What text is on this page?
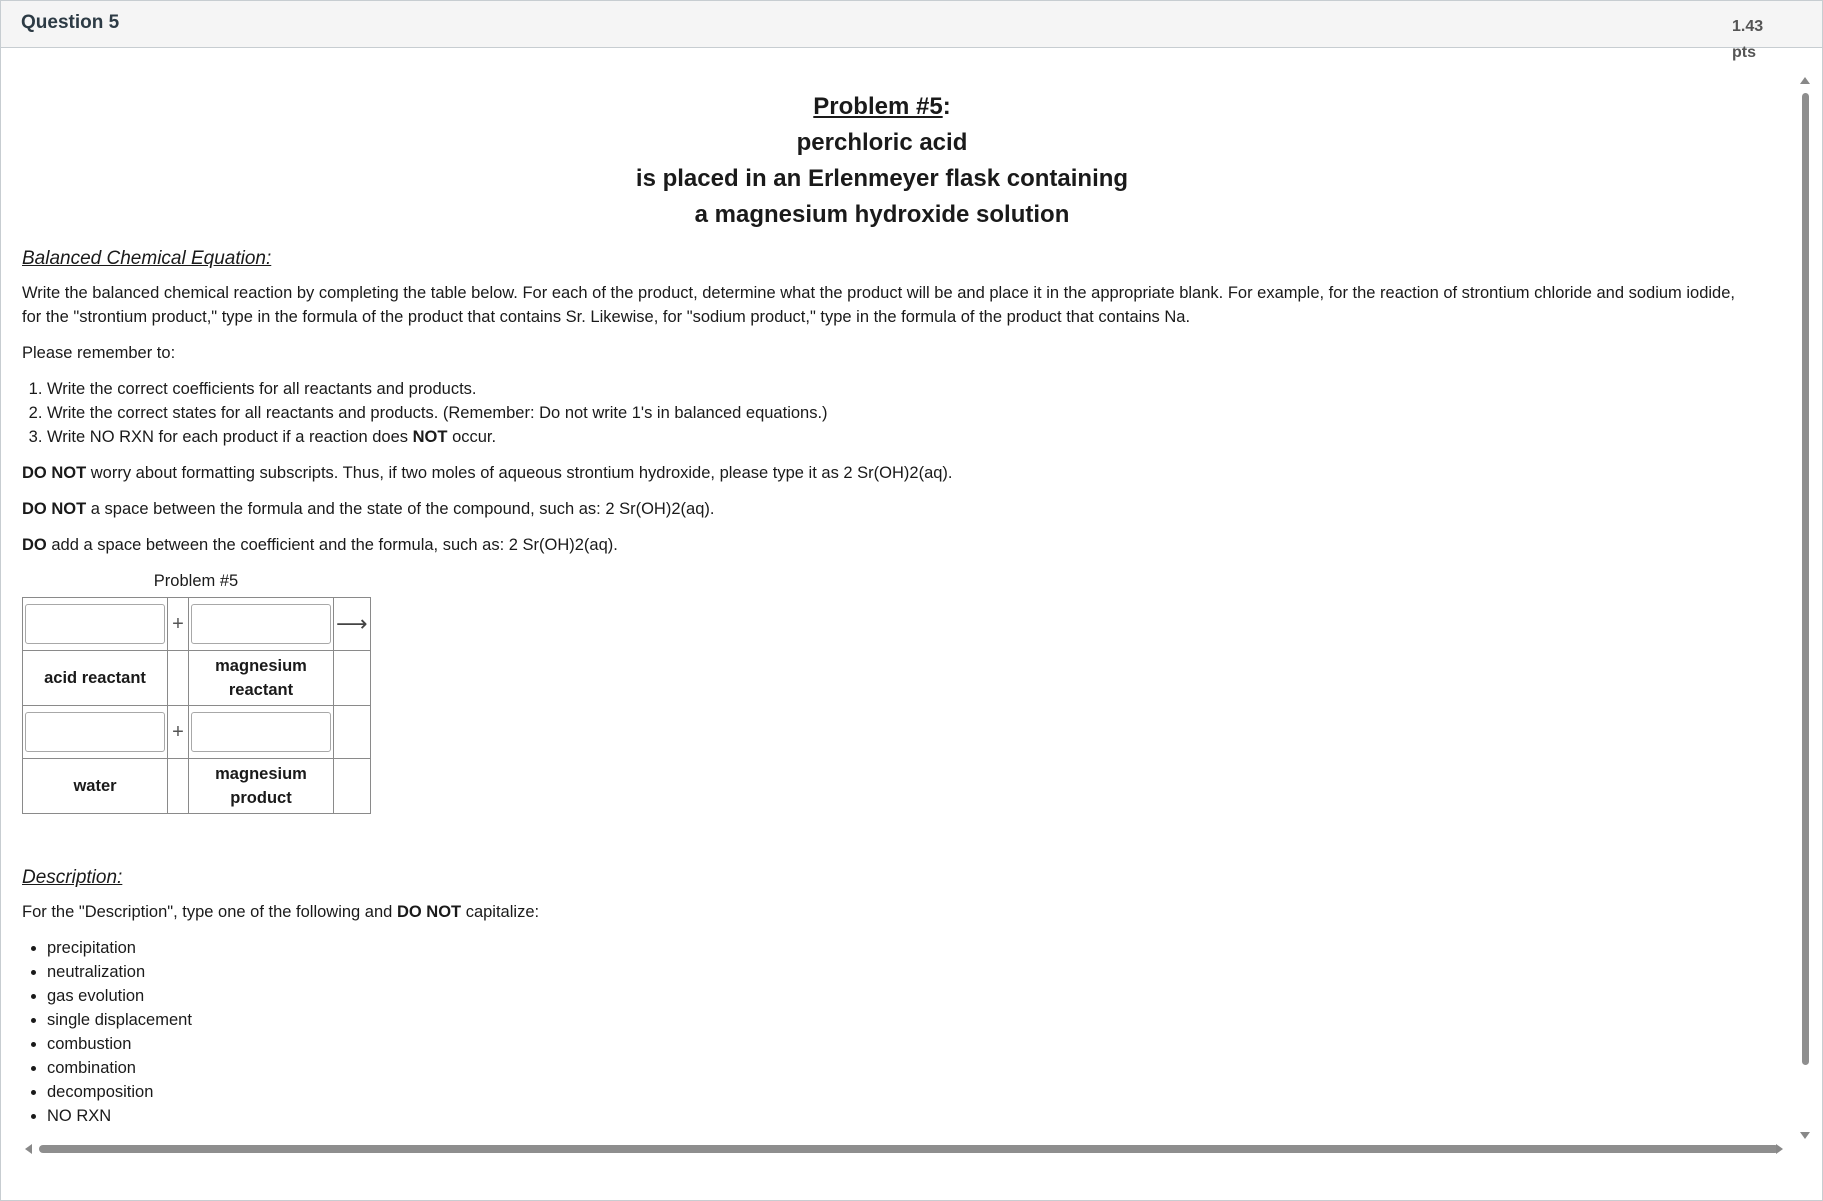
Question 5	1.43 pts
Problem #5:
perchloric acid
is placed in an Erlenmeyer flask containing
a magnesium hydroxide solution
Balanced Chemical Equation:

Write the balanced chemical reaction by completing the table below. For each of the product, determine what the product will be and place it in the appropriate blank. For example, for the reaction of strontium chloride and sodium iodide, for the "strontium product," type in the formula of the product that contains Sr. Likewise, for "sodium product," type in the formula of the product that contains Na.

Please remember to:

1. Write the correct coefficients for all reactants and products.
2. Write the correct states for all reactants and products. (Remember: Do not write 1's in balanced equations.)
3. Write NO RXN for each product if a reaction does NOT occur.

DO NOT worry about formatting subscripts. Thus, if two moles of aqueous strontium hydroxide, please type it as 2 Sr(OH)2(aq).

DO NOT a space between the formula and the state of the compound, such as: 2 Sr(OH)2(aq).

DO add a space between the coefficient and the formula, such as: 2 Sr(OH)2(aq).

Problem #5
	+		⟶
acid reactant		magnesium reactant	

	+	

water		magnesium product	
Description:

For the "Description", type one of the following and DO NOT capitalize:

• precipitation
• neutralization
• gas evolution
• single displacement
• combustion
• combination
• decomposition
• NO RXN
